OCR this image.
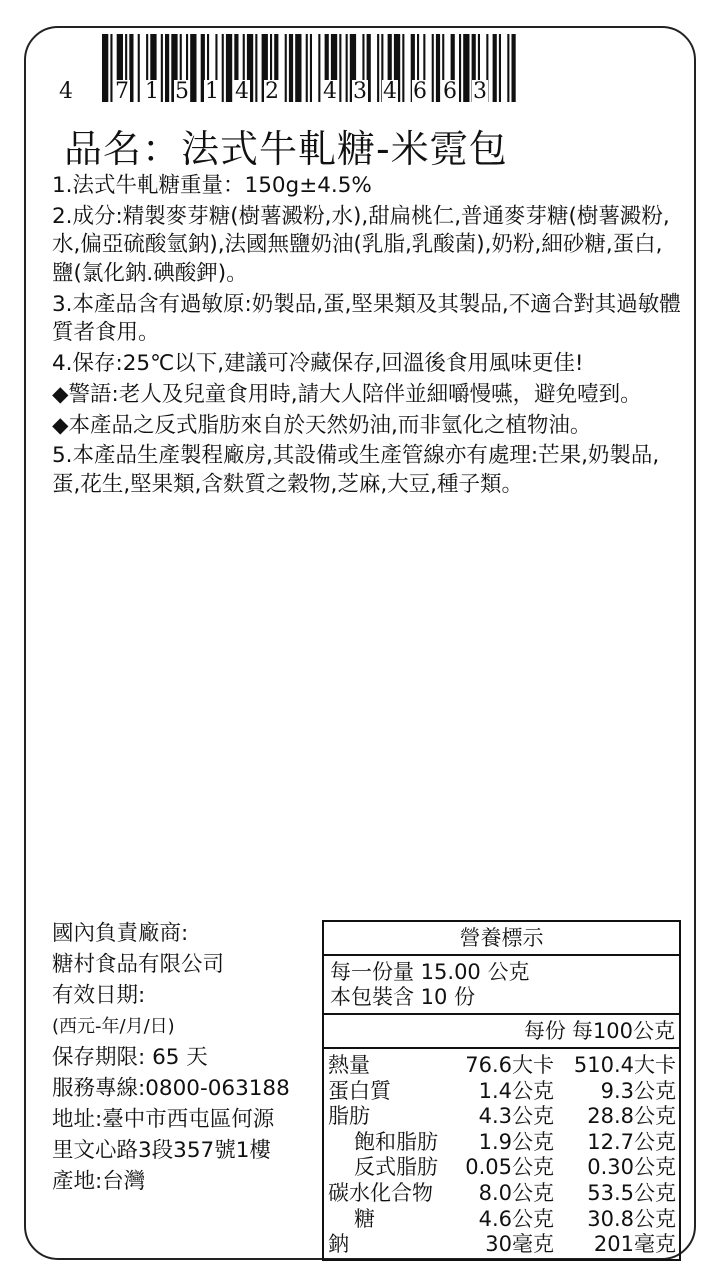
4 7 1 5 1 4 2 4 3 4 6 6 3
品名：法式牛軋糖-米霓包

1.法式牛軋糖重量：150g±4.5%

2.成分:精製麥芽糖(樹薯澱粉,水),甜扁桃仁,普通麥芽糖(樹薯澱粉,水,偏亞硫酸氫鈉),法國無鹽奶油(乳脂,乳酸菌),奶粉,細砂糖,蛋白,鹽(氯化鈉.碘酸鉀)。

3.本產品含有過敏原:奶製品,蛋,堅果類及其製品,不適合對其過敏體質者食用。

4.保存:25℃以下,建議可冷藏保存,回溫後食用風味更佳!

◆警語:老人及兒童食用時,請大人陪伴並細嚼慢嚥，避免噎到。

◆本產品之反式脂肪來自於天然奶油,而非氫化之植物油。

5.本產品生產製程廠房,其設備或生產管線亦有處理:芒果,奶製品,蛋,花生,堅果類,含麩質之穀物,芝麻,大豆,種子類。

國內負責廠商:
糖村食品有限公司
有效日期:
(西元-年/月/日)
保存期限: 65 天
服務專線:0800-063188
地址:臺中市西屯區何源
里文心路3段357號1樓
產地:台灣
營養標示
每一份量 15.00 公克
本包裝含 10 份
每份 每100公克
熱量	76.6大卡 510.4大卡
蛋白質	1.4公克	9.3公克
脂肪	4.3公克	28.8公克
飽和脂肪	1.9公克	12.7公克
反式脂肪	0.05公克	0.30公克
碳水化合物	8.0公克	53.5公克
糖	4.6公克	30.8公克
鈉	30毫克	201毫克
